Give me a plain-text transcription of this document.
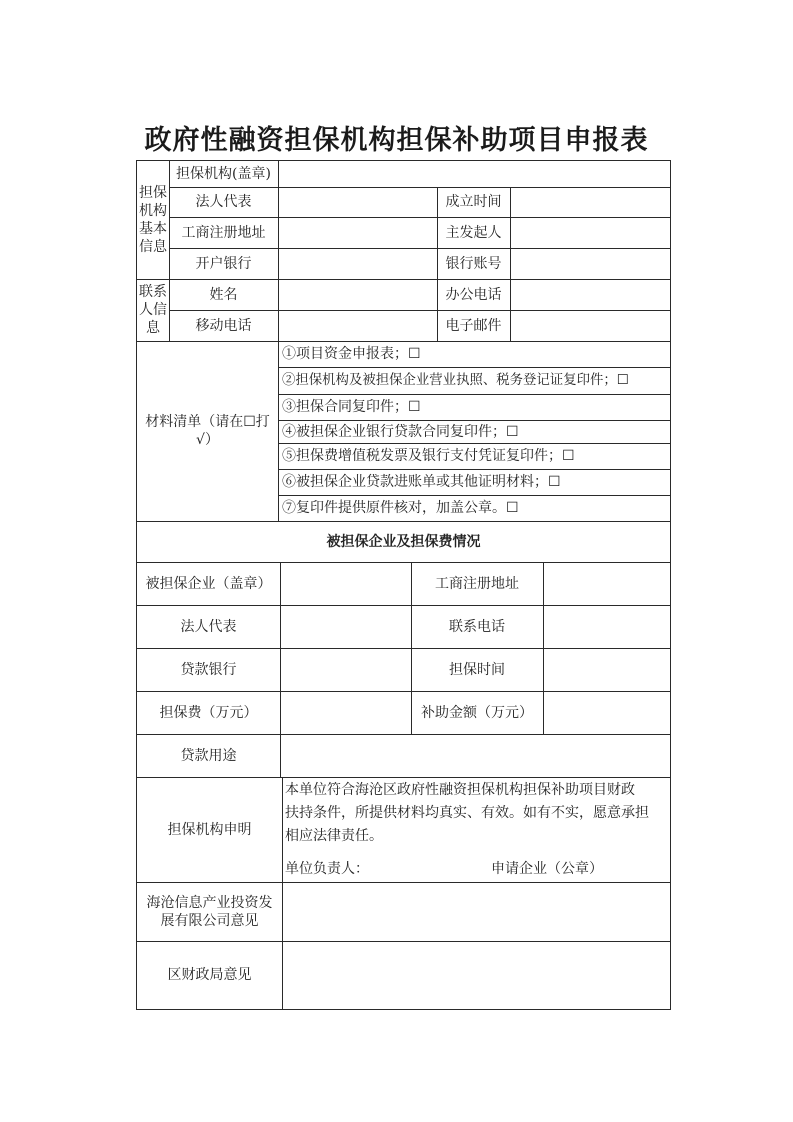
政府性融资担保机构担保补助项目申报表
担保
机构
基本
信息
担保机构(盖章)
法人代表	成立时间
工商注册地址	主发起人
开户银行	银行账号
联系
人信
息
姓名	办公电话
移动电话	电子邮件
材料清单（请在☐打
√）
①项目资金申报表；☐
②担保机构及被担保企业营业执照、税务登记证复印件；☐
③担保合同复印件；☐
④被担保企业银行贷款合同复印件；☐
⑤担保费增值税发票及银行支付凭证复印件；☐
⑥被担保企业贷款进账单或其他证明材料；☐
⑦复印件提供原件核对，加盖公章。☐
被担保企业及担保费情况
被担保企业（盖章）	工商注册地址
法人代表	联系电话
贷款银行	担保时间
担保费（万元）	补助金额（万元）
贷款用途
担保机构申明
本单位符合海沧区政府性融资担保机构担保补助项目财政
扶持条件，所提供材料均真实、有效。如有不实，愿意承担
相应法律责任。
单位负责人：	申请企业（公章）
海沧信息产业投资发
展有限公司意见
区财政局意见
